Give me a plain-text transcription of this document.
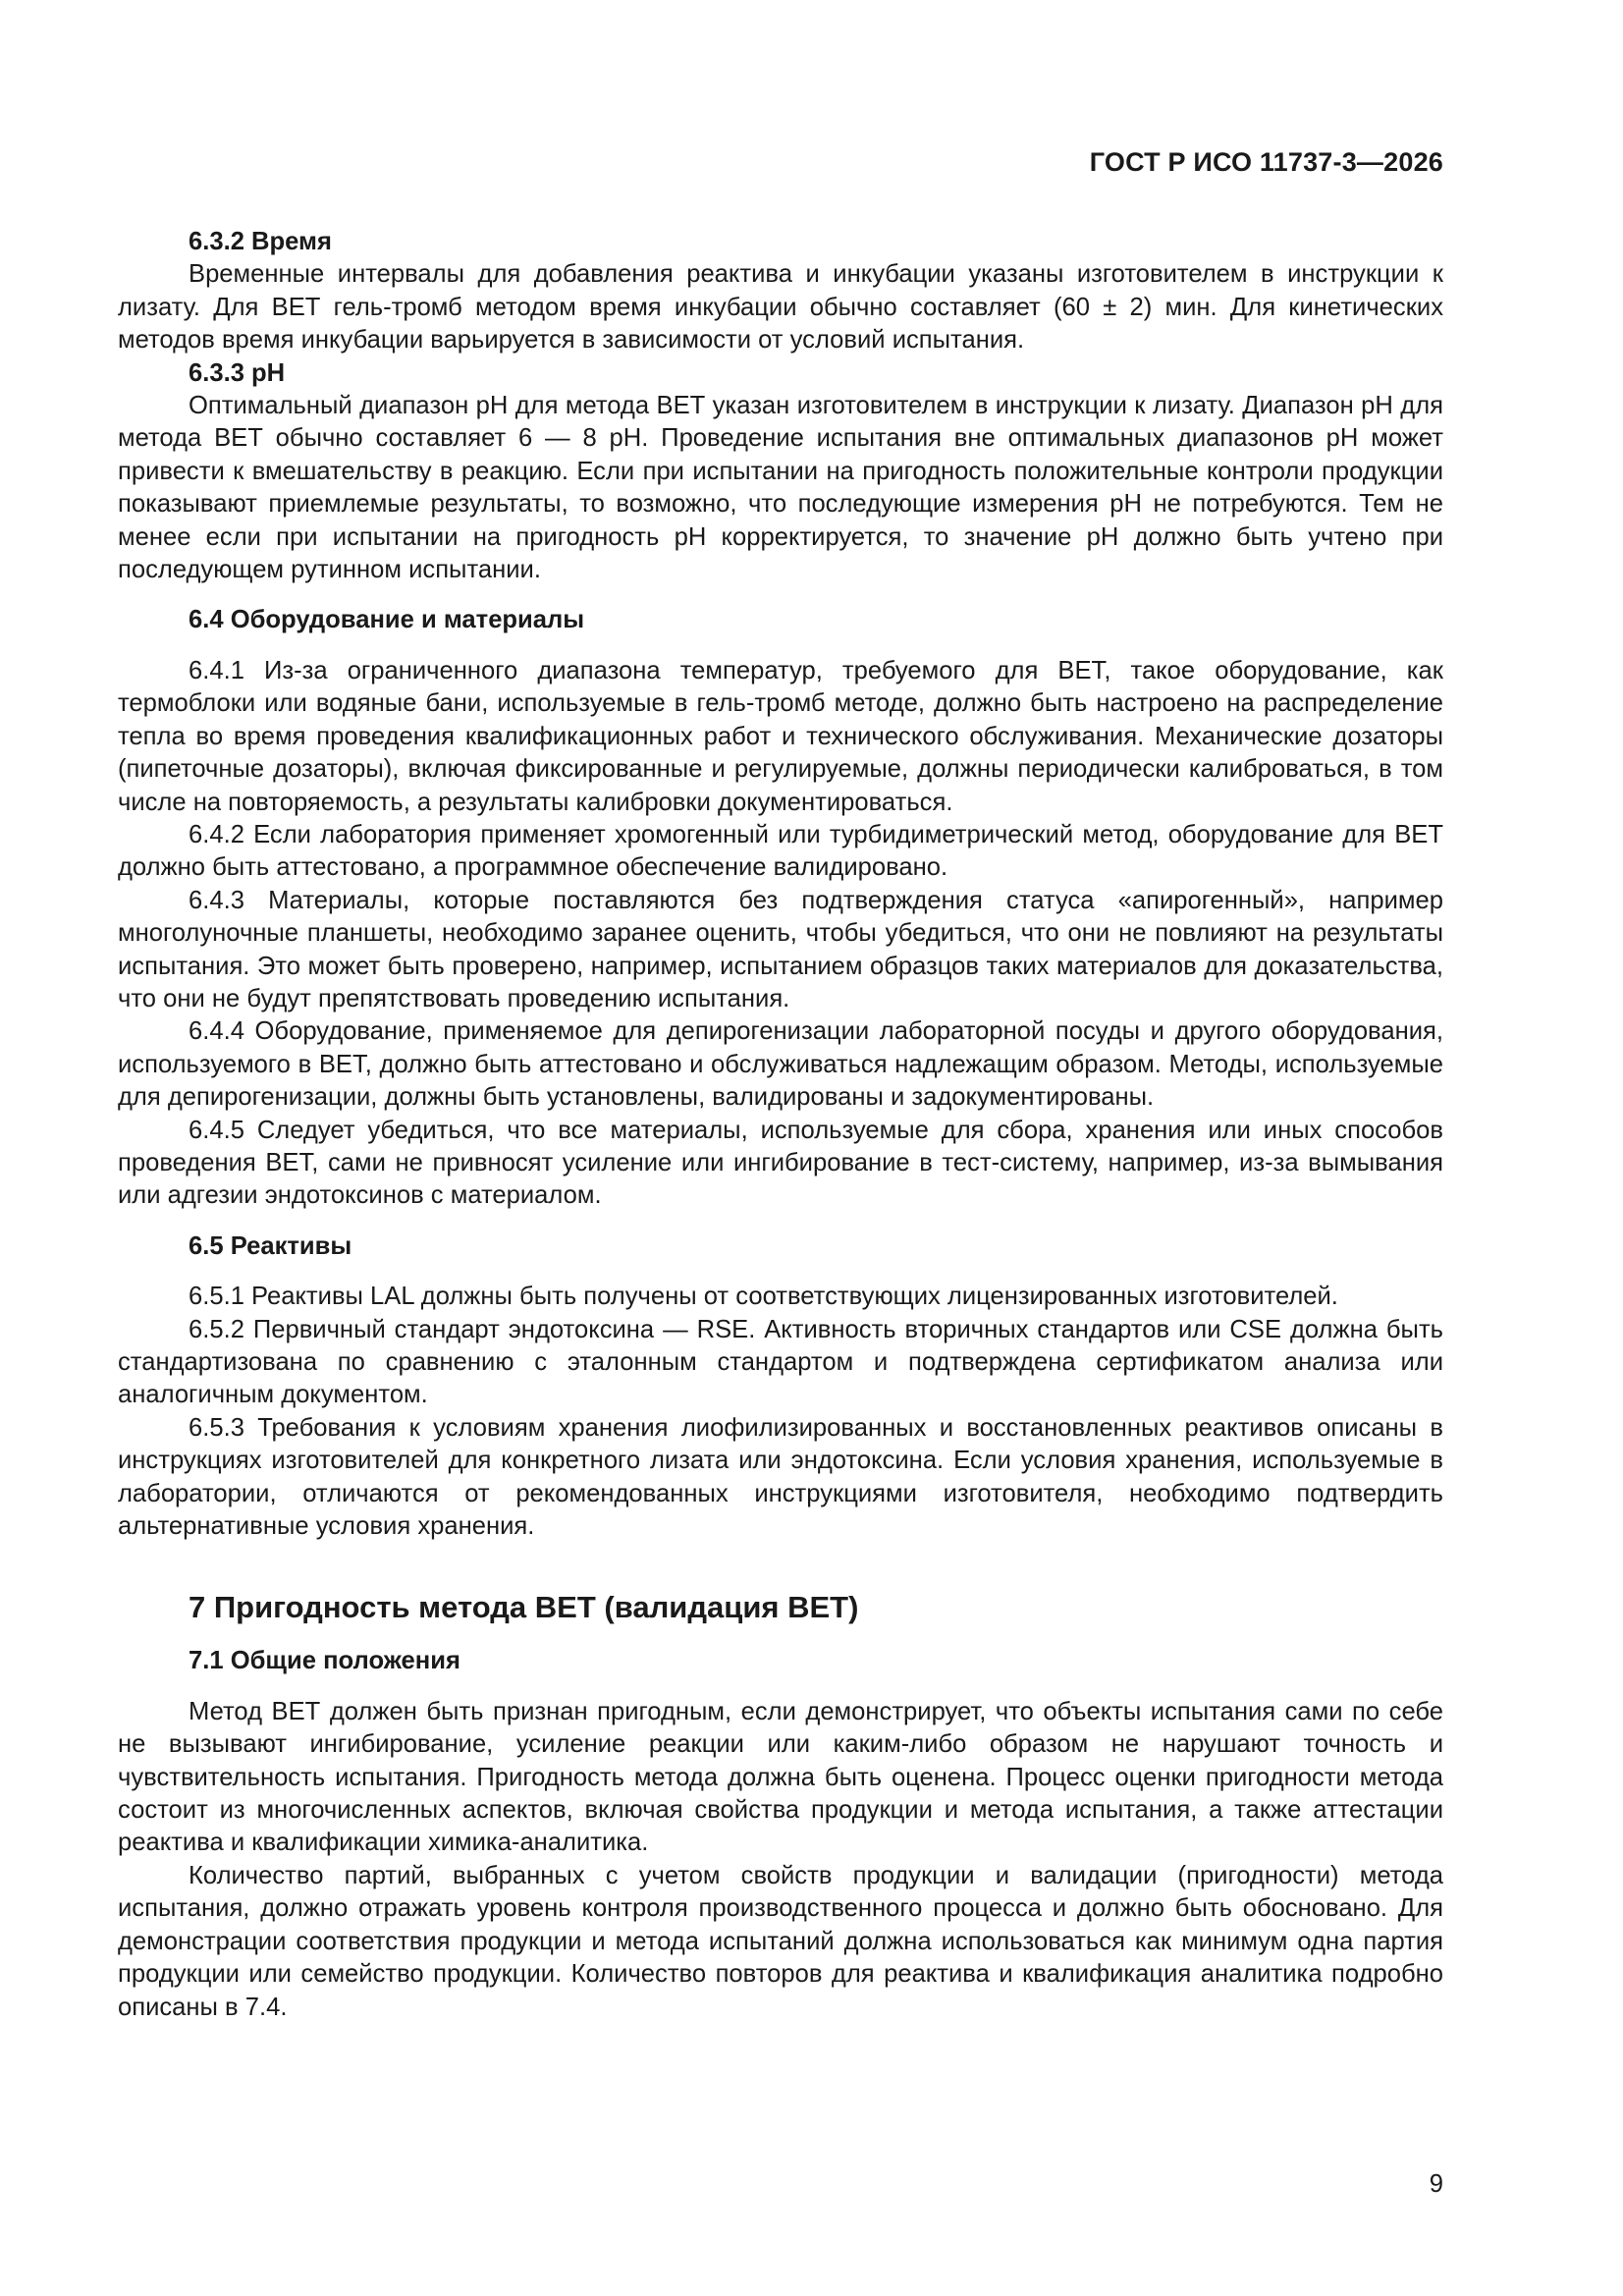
ГОСТ Р ИСО 11737-3—2026
6.3.2 Время

Временные интервалы для добавления реактива и инкубации указаны изготовителем в инструкции к лизату. Для ВЕТ гель-тромб методом время инкубации обычно составляет (60 ± 2) мин. Для кинетических методов время инкубации варьируется в зависимости от условий испытания.

6.3.3 pH

Оптимальный диапазон pH для метода ВЕТ указан изготовителем в инструкции к лизату. Диапазон pH для метода ВЕТ обычно составляет 6 — 8 pH. Проведение испытания вне оптимальных диапазонов pH может привести к вмешательству в реакцию. Если при испытании на пригодность положительные контроли продукции показывают приемлемые результаты, то возможно, что последующие измерения pH не потребуются. Тем не менее если при испытании на пригодность pH корректируется, то значение pH должно быть учтено при последующем рутинном испытании.

6.4 Оборудование и материалы

6.4.1 Из-за ограниченного диапазона температур, требуемого для ВЕТ, такое оборудование, как термоблоки или водяные бани, используемые в гель-тромб методе, должно быть настроено на распределение тепла во время проведения квалификационных работ и технического обслуживания. Механические дозаторы (пипеточные дозаторы), включая фиксированные и регулируемые, должны периодически калиброваться, в том числе на повторяемость, а результаты калибровки документироваться.

6.4.2 Если лаборатория применяет хромогенный или турбидиметрический метод, оборудование для ВЕТ должно быть аттестовано, а программное обеспечение валидировано.

6.4.3 Материалы, которые поставляются без подтверждения статуса «апирогенный», например многолуночные планшеты, необходимо заранее оценить, чтобы убедиться, что они не повлияют на результаты испытания. Это может быть проверено, например, испытанием образцов таких материалов для доказательства, что они не будут препятствовать проведению испытания.

6.4.4 Оборудование, применяемое для депирогенизации лабораторной посуды и другого оборудования, используемого в ВЕТ, должно быть аттестовано и обслуживаться надлежащим образом. Методы, используемые для депирогенизации, должны быть установлены, валидированы и задокументированы.

6.4.5 Следует убедиться, что все материалы, используемые для сбора, хранения или иных способов проведения ВЕТ, сами не привносят усиление или ингибирование в тест-систему, например, из-за вымывания или адгезии эндотоксинов с материалом.

6.5 Реактивы

6.5.1 Реактивы LAL должны быть получены от соответствующих лицензированных изготовителей.

6.5.2 Первичный стандарт эндотоксина — RSE. Активность вторичных стандартов или CSE должна быть стандартизована по сравнению с эталонным стандартом и подтверждена сертификатом анализа или аналогичным документом.

6.5.3 Требования к условиям хранения лиофилизированных и восстановленных реактивов описаны в инструкциях изготовителей для конкретного лизата или эндотоксина. Если условия хранения, используемые в лаборатории, отличаются от рекомендованных инструкциями изготовителя, необходимо подтвердить альтернативные условия хранения.

7 Пригодность метода ВЕТ (валидация ВЕТ)
7.1 Общие положения

Метод ВЕТ должен быть признан пригодным, если демонстрирует, что объекты испытания сами по себе не вызывают ингибирование, усиление реакции или каким-либо образом не нарушают точность и чувствительность испытания. Пригодность метода должна быть оценена. Процесс оценки пригодности метода состоит из многочисленных аспектов, включая свойства продукции и метода испытания, а также аттестации реактива и квалификации химика-аналитика.

Количество партий, выбранных с учетом свойств продукции и валидации (пригодности) метода испытания, должно отражать уровень контроля производственного процесса и должно быть обосновано. Для демонстрации соответствия продукции и метода испытаний должна использоваться как минимум одна партия продукции или семейство продукции. Количество повторов для реактива и квалификация аналитика подробно описаны в 7.4.

9
